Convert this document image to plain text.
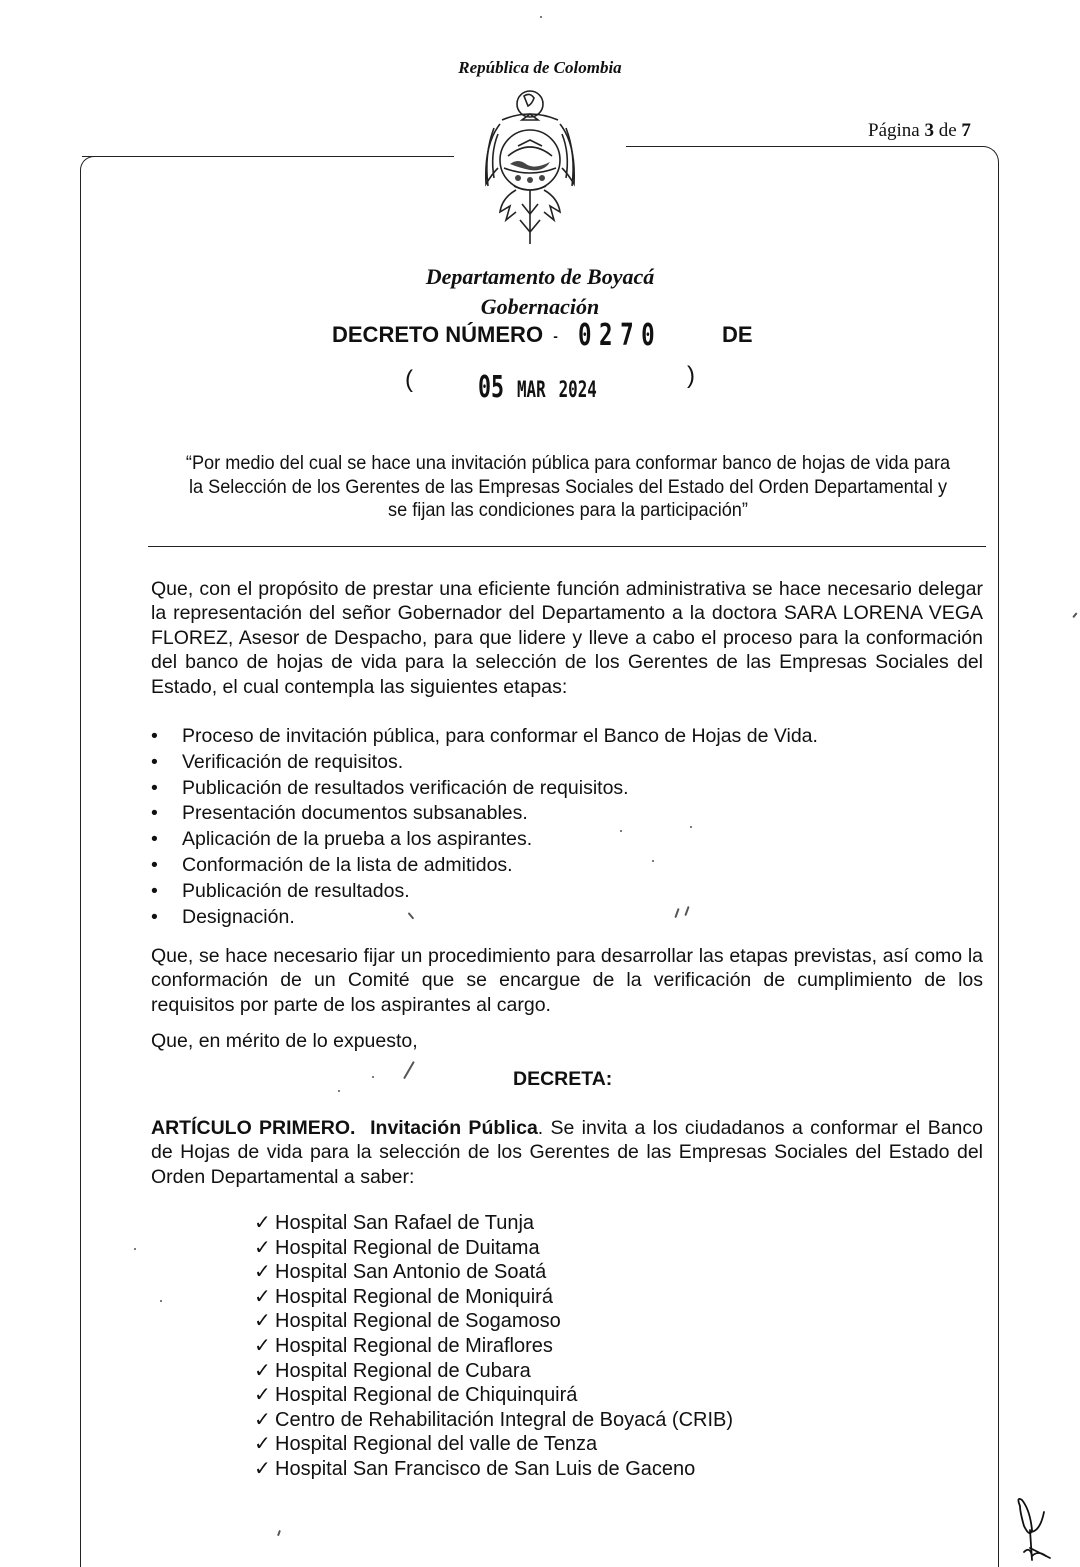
República de Colombia
Página 3 de 7
Departamento de Boyacá
Gobernación
DECRETO NÚMERO - 0270	DE
( 05 MAR 2024
)
“Por medio del cual se hace una invitación pública para conformar banco de hojas de vida para la Selección de los Gerentes de las Empresas Sociales del Estado del Orden Departamental y se fijan las condiciones para la participación”
Que, con el propósito de prestar una eficiente función administrativa se hace necesario delegar la representación del señor Gobernador del Departamento a la doctora SARA LORENA VEGA FLOREZ, Asesor de Despacho, para que lidere y lleve a cabo el proceso para la conformación del banco de hojas de vida para la selección de los Gerentes de las Empresas Sociales del Estado, el cual contempla las siguientes etapas:
• Proceso de invitación pública, para conformar el Banco de Hojas de Vida.
• Verificación de requisitos.
• Publicación de resultados verificación de requisitos.
• Presentación documentos subsanables.
• Aplicación de la prueba a los aspirantes.
• Conformación de la lista de admitidos.
• Publicación de resultados.
• Designación.
Que, se hace necesario fijar un procedimiento para desarrollar las etapas previstas, así como la conformación de un Comité que se encargue de la verificación de cumplimiento de los requisitos por parte de los aspirantes al cargo.
Que, en mérito de lo expuesto,
DECRETA:
ARTÍCULO PRIMERO. Invitación Pública. Se invita a los ciudadanos a conformar el Banco de Hojas de vida para la selección de los Gerentes de las Empresas Sociales del Estado del Orden Departamental a saber:
✓ Hospital San Rafael de Tunja
✓ Hospital Regional de Duitama
✓ Hospital San Antonio de Soatá
✓ Hospital Regional de Moniquirá
✓ Hospital Regional de Sogamoso
✓ Hospital Regional de Miraflores
✓ Hospital Regional de Cubara
✓ Hospital Regional de Chiquinquirá
✓ Centro de Rehabilitación Integral de Boyacá (CRIB)
✓ Hospital Regional del valle de Tenza
✓ Hospital San Francisco de San Luis de Gaceno
